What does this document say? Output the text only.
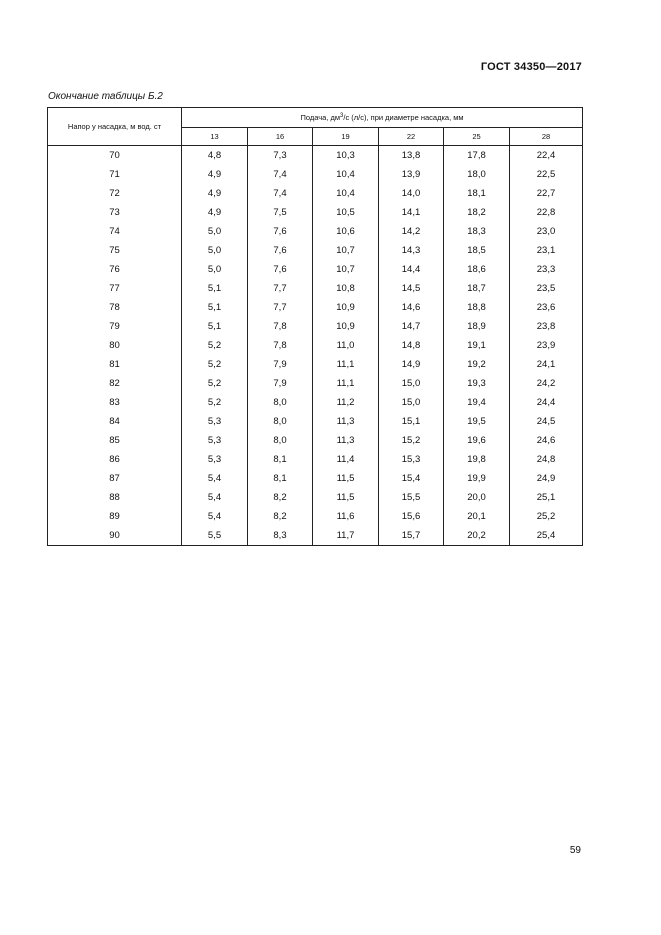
ГОСТ 34350—2017
Окончание таблицы Б.2
Напор у насадка, м вод. ст	Подача, $дм^3/с$ (л/с), при диаметре насадка, мм					
	13	16	19	22	25	28
70	4,8	7,3	10,3	13,8	17,8	22,4
71	4,9	7,4	10,4	13,9	18,0	22,5
72	4,9	7,4	10,4	14,0	18,1	22,7
73	4,9	7,5	10,5	14,1	18,2	22,8
74	5,0	7,6	10,6	14,2	18,3	23,0
75	5,0	7,6	10,7	14,3	18,5	23,1
76	5,0	7,6	10,7	14,4	18,6	23,3
77	5,1	7,7	10,8	14,5	18,7	23,5
78	5,1	7,7	10,9	14,6	18,8	23,6
79	5,1	7,8	10,9	14,7	18,9	23,8
80	5,2	7,8	11,0	14,8	19,1	23,9
81	5,2	7,9	11,1	14,9	19,2	24,1
82	5,2	7,9	11,1	15,0	19,3	24,2
83	5,2	8,0	11,2	15,0	19,4	24,4
84	5,3	8,0	11,3	15,1	19,5	24,5
85	5,3	8,0	11,3	15,2	19,6	24,6
86	5,3	8,1	11,4	15,3	19,8	24,8
87	5,4	8,1	11,5	15,4	19,9	24,9
88	5,4	8,2	11,5	15,5	20,0	25,1
89	5,4	8,2	11,6	15,6	20,1	25,2
90	5,5	8,3	11,7	15,7	20,2	25,4
59
